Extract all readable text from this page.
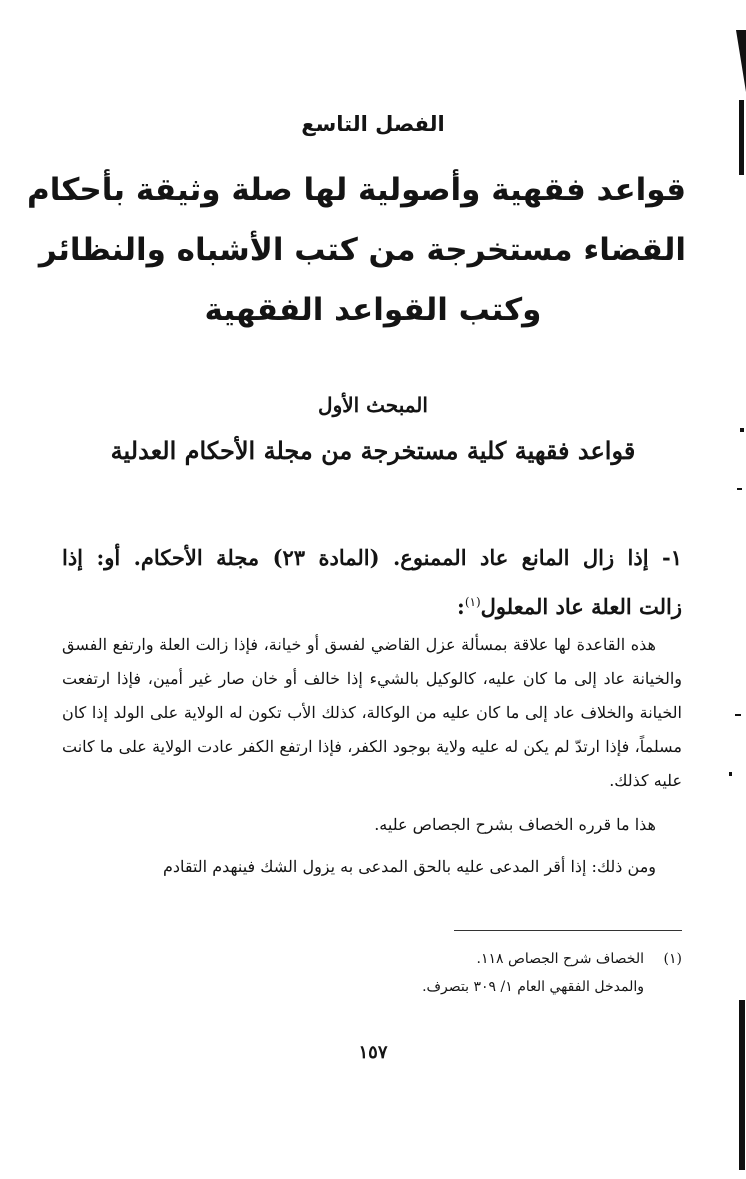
الفصل التاسع
قواعد فقهية وأصولية لها صلة وثيقة بأحكام
القضاء مستخرجة من كتب الأشباه والنظائر
وكتب القواعد الفقهية
المبحث الأول
قواعد فقهية كلية مستخرجة من مجلة الأحكام العدلية
١- إذا زال المانع عاد الممنوع. (المادة ٢٣) مجلة الأحكام. أو: إذا
زالت العلة عاد المعلول$^{(١)}$:

هذه القاعدة لها علاقة بمسألة عزل القاضي لفسق أو خيانة، فإذا زالت العلة وارتفع الفسق والخيانة عاد إلى ما كان عليه، كالوكيل بالشيء إذا خالف أو خان صار غير أمين، فإذا ارتفعت الخيانة والخلاف عاد إلى ما كان عليه من الوكالة، كذلك الأب تكون له الولاية على الولد إذا كان مسلماً، فإذا ارتدّ لم يكن له عليه ولاية بوجود الكفر، فإذا ارتفع الكفر عادت الولاية على ما كانت عليه كذلك.

هذا ما قرره الخصاف بشرح الجصاص عليه.

ومن ذلك: إذا أقر المدعى عليه بالحق المدعى به يزول الشك فينهدم التقادم

(١)الخصاف شرح الجصاص ١١٨.
والمدخل الفقهي العام ١/ ٣٠٩ بتصرف.
١٥٧
